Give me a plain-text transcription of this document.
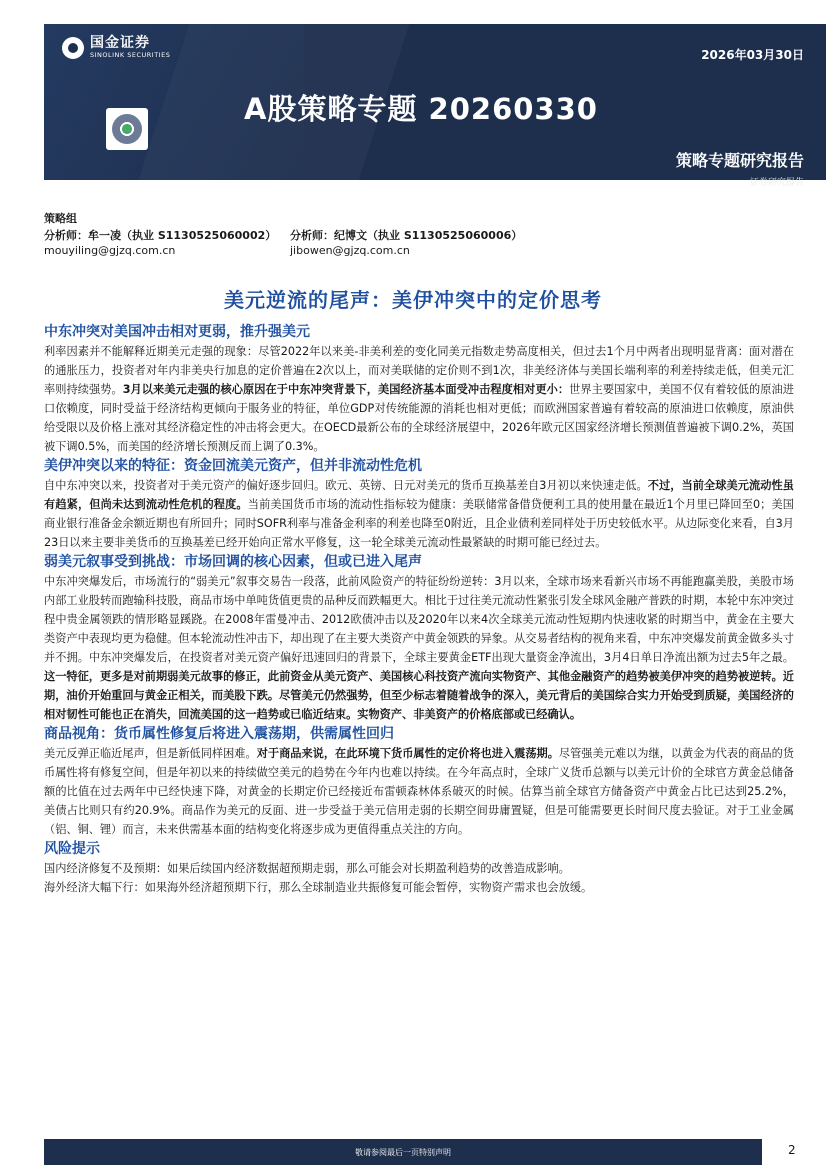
国金证券
SINOLINK SECURITIES	2026年03月30日
A股策略专题 20260330
策略专题研究报告
证券研究报告
策略组
分析师：牟一凌（执业 S1130525060002） 分析师：纪博文（执业 S1130525060006）
mouyiling@gjzq.com.cn	jibowen@gjzq.com.cn
美元逆流的尾声：美伊冲突中的定价思考
中东冲突对美国冲击相对更弱，推升强美元

利率因素并不能解释近期美元走强的现象：尽管2022年以来美-非美利差的变化同美元指数走势高度相关，但过去1个月中两者出现明显背离：面对潜在的通胀压力，投资者对年内非美央行加息的定价普遍在2次以上，而对美联储的定价则不到1次，非美经济体与美国长端利率的利差持续走低，但美元汇率则持续强势。3月以来美元走强的核心原因在于中东冲突背景下，美国经济基本面受冲击程度相对更小：世界主要国家中，美国不仅有着较低的原油进口依赖度，同时受益于经济结构更倾向于服务业的特征，单位GDP对传统能源的消耗也相对更低；而欧洲国家普遍有着较高的原油进口依赖度，原油供给受限以及价格上涨对其经济稳定性的冲击将会更大。在OECD最新公布的全球经济展望中，2026年欧元区国家经济增长预测值普遍被下调0.2%，英国被下调0.5%，而美国的经济增长预测反而上调了0.3%。

美伊冲突以来的特征：资金回流美元资产，但并非流动性危机

自中东冲突以来，投资者对于美元资产的偏好逐步回归。欧元、英镑、日元对美元的货币互换基差自3月初以来快速走低。不过，当前全球美元流动性虽有趋紧，但尚未达到流动性危机的程度。当前美国货币市场的流动性指标较为健康：美联储常备借贷便利工具的使用量在最近1个月里已降回至0；美国商业银行准备金余额近期也有所回升；同时SOFR利率与准备金利率的利差也降至0附近，且企业债利差同样处于历史较低水平。从边际变化来看，自3月23日以来主要非美货币的互换基差已经开始向正常水平修复，这一轮全球美元流动性最紧缺的时期可能已经过去。

弱美元叙事受到挑战：市场回调的核心因素，但或已进入尾声

中东冲突爆发后，市场流行的“弱美元”叙事交易告一段落，此前风险资产的特征纷纷逆转：3月以来，全球市场来看新兴市场不再能跑赢美股，美股市场内部工业股转而跑输科技股，商品市场中单吨货值更贵的品种反而跌幅更大。相比于过往美元流动性紧张引发全球风金融产普跌的时期，本轮中东冲突过程中贵金属领跌的情形略显蹊跷。在2008年雷曼冲击、2012欧债冲击以及2020年以来4次全球美元流动性短期内快速收紧的时期当中，黄金在主要大类资产中表现均更为稳健。但本轮流动性冲击下，却出现了在主要大类资产中黄金领跌的异象。从交易者结构的视角来看，中东冲突爆发前黄金做多头寸并不拥。中东冲突爆发后，在投资者对美元资产偏好迅速回归的背景下，全球主要黄金ETF出现大量资金净流出，3月4日单日净流出额为过去5年之最。这一特征，更多是对前期弱美元故事的修正，此前资金从美元资产、美国核心科技资产流向实物资产、其他金融资产的趋势被美伊冲突的趋势被逆转。近期，油价开始重回与黄金正相关，而美股下跌。尽管美元仍然强势，但至少标志着随着战争的深入，美元背后的美国综合实力开始受到质疑，美国经济的相对韧性可能也正在消失，回流美国的这一趋势或已临近结束。实物资产、非美资产的价格底部或已经确认。

商品视角：货币属性修复后将进入震荡期，供需属性回归

美元反弹正临近尾声，但是新低同样困难。对于商品来说，在此环境下货币属性的定价将也进入震荡期。尽管强美元难以为继，以黄金为代表的商品的货币属性将有修复空间，但是年初以来的持续做空美元的趋势在今年内也难以持续。在今年高点时，全球广义货币总额与以美元计价的全球官方黄金总储备额的比值在过去两年中已经快速下降，对黄金的长期定价已经接近布雷顿森林体系破灭的时候。估算当前全球官方储备资产中黄金占比已达到25.2%，美债占比则只有约20.9%。商品作为美元的反面、进一步受益于美元信用走弱的长期空间毋庸置疑，但是可能需要更长时间尺度去验证。对于工业金属（铝、铜、锂）而言，未来供需基本面的结构变化将逐步成为更值得重点关注的方向。

风险提示

国内经济修复不及预期：如果后续国内经济数据超预期走弱，那么可能会对长期盈利趋势的改善造成影响。

海外经济大幅下行：如果海外经济超预期下行，那么全球制造业共振修复可能会暂停，实物资产需求也会放缓。

敬请参阅最后一页特别声明	2
